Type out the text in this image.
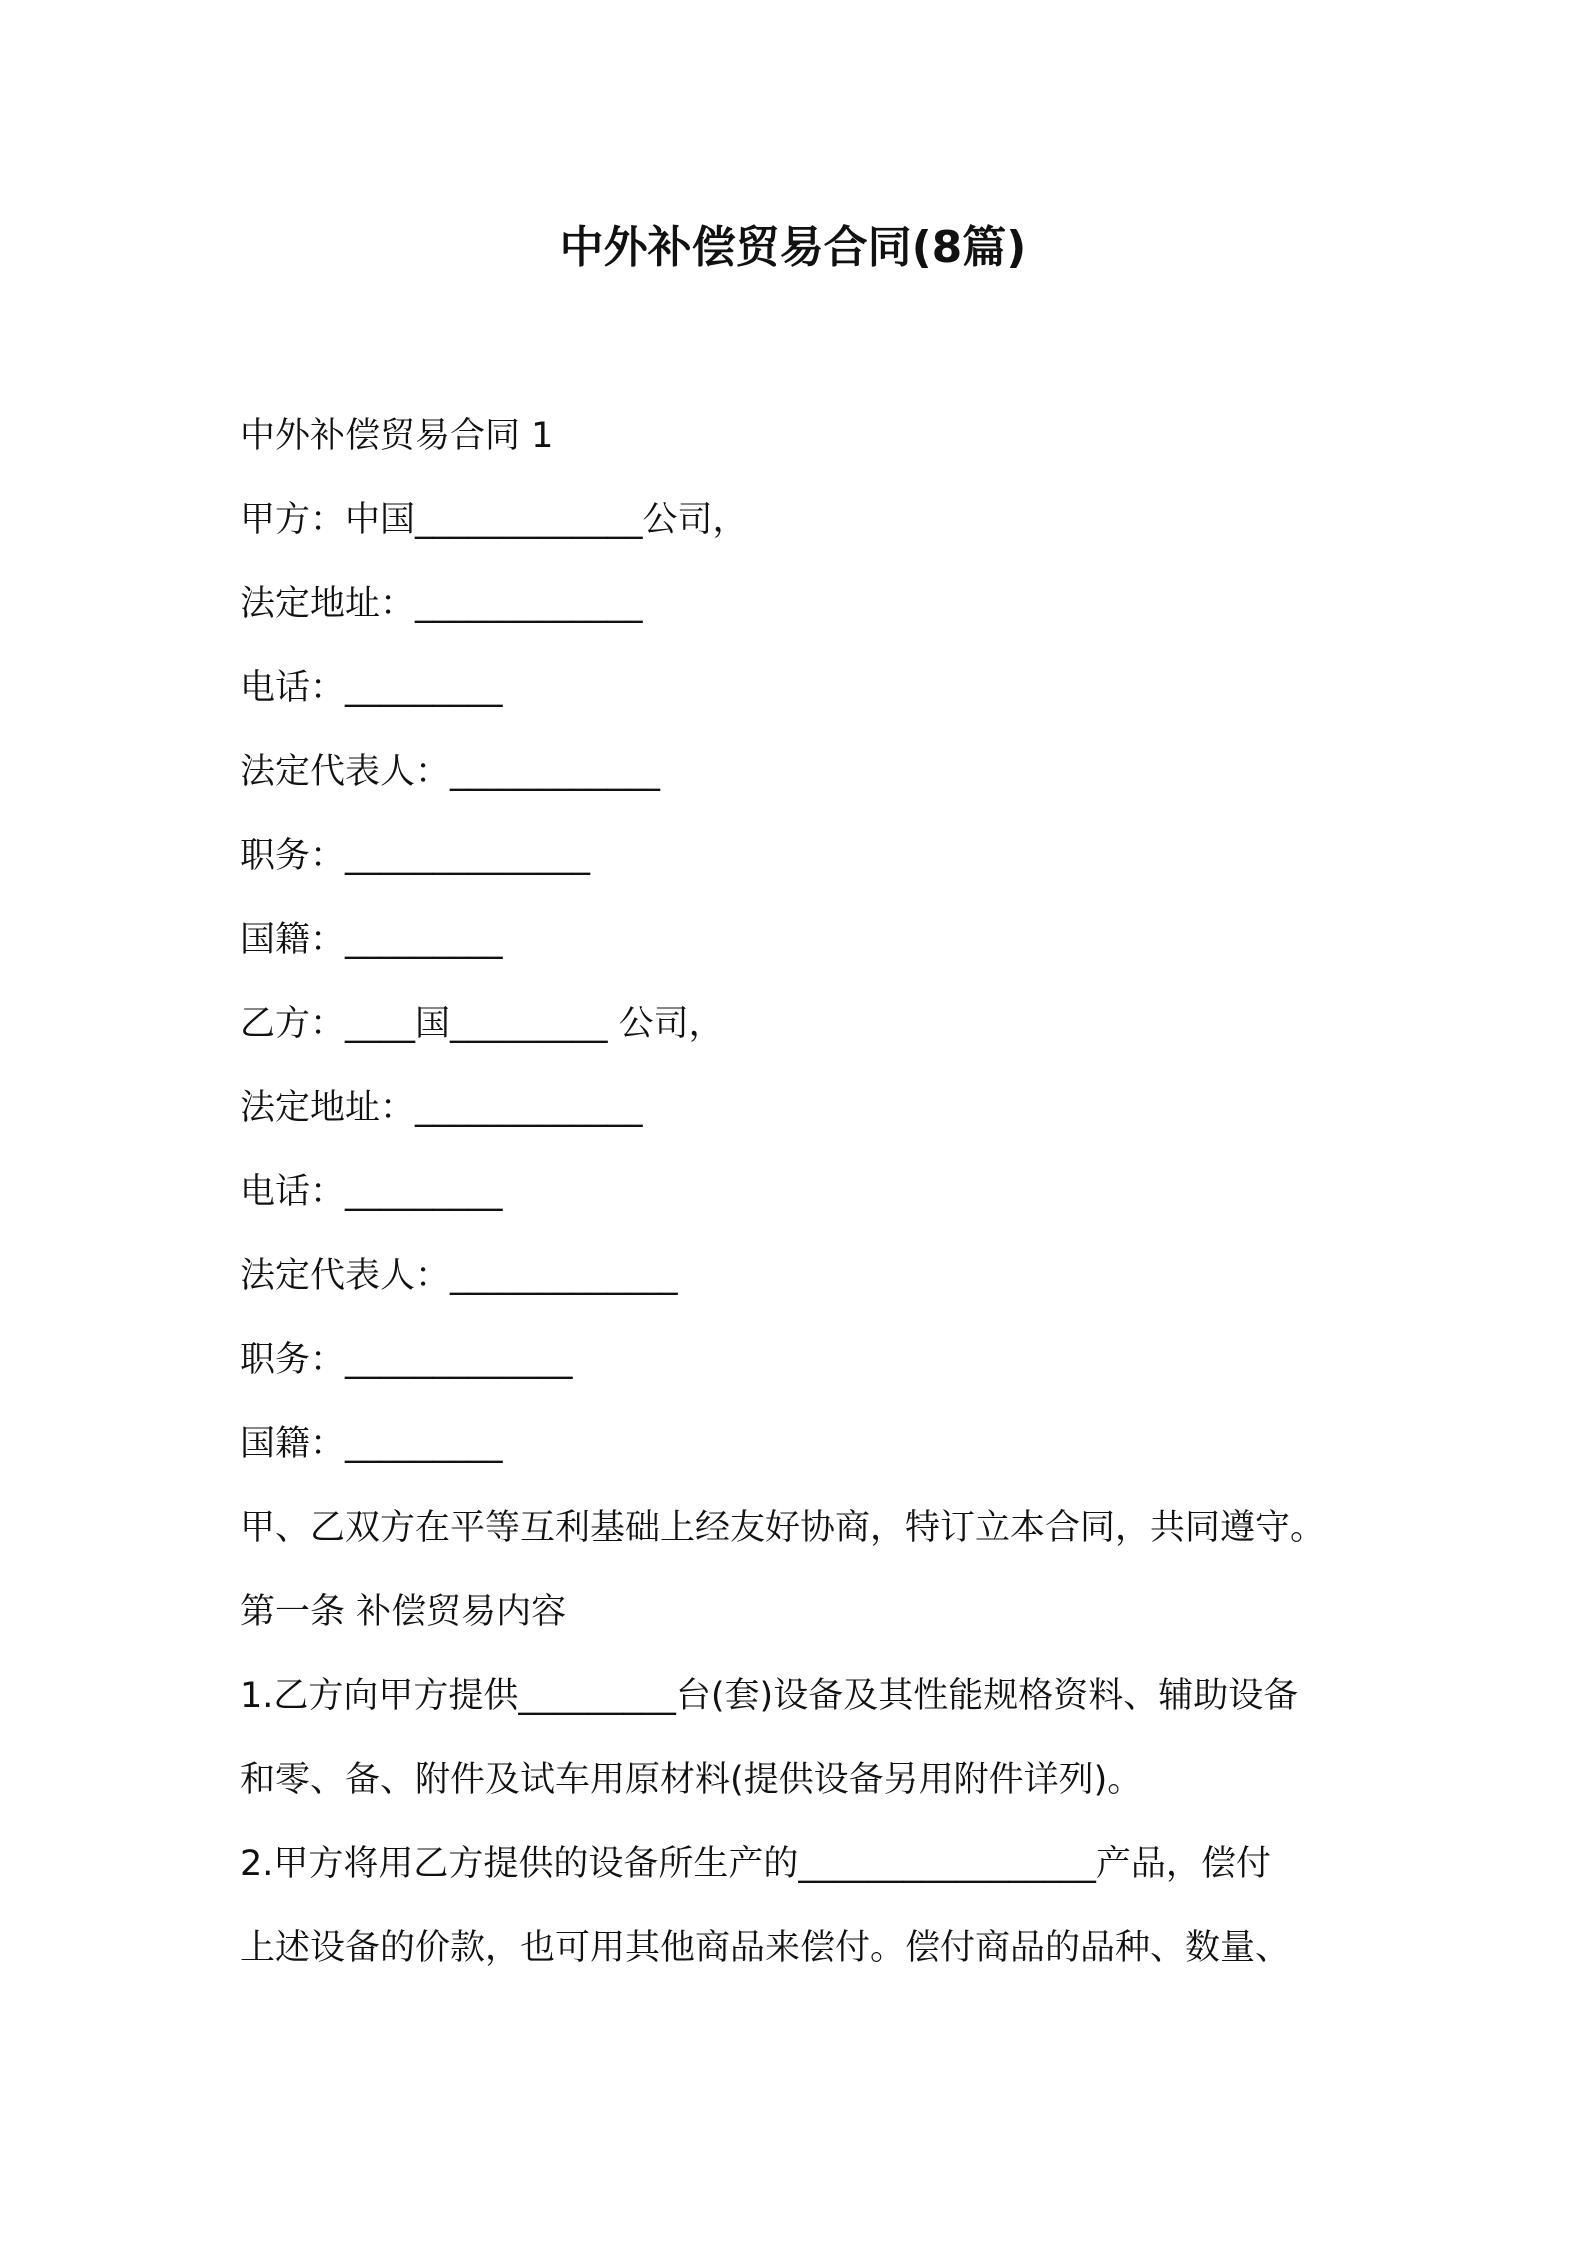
中外补偿贸易合同(8篇)

中外补偿贸易合同 1

甲方：中国_____________公司，

法定地址：_____________

电话：_________

法定代表人：____________

职务：______________

国籍：_________

乙方：____国_________ 公司，

法定地址：_____________

电话：_________

法定代表人：_____________

职务：_____________

国籍：_________

甲、乙双方在平等互利基础上经友好协商，特订立本合同，共同遵守。

第一条 补偿贸易内容

1.乙方向甲方提供_________台(套)设备及其性能规格资料、辅助设备

和零、备、附件及试车用原材料(提供设备另用附件详列)。

2.甲方将用乙方提供的设备所生产的_________________产品，偿付

上述设备的价款，也可用其他商品来偿付。偿付商品的品种、数量、
